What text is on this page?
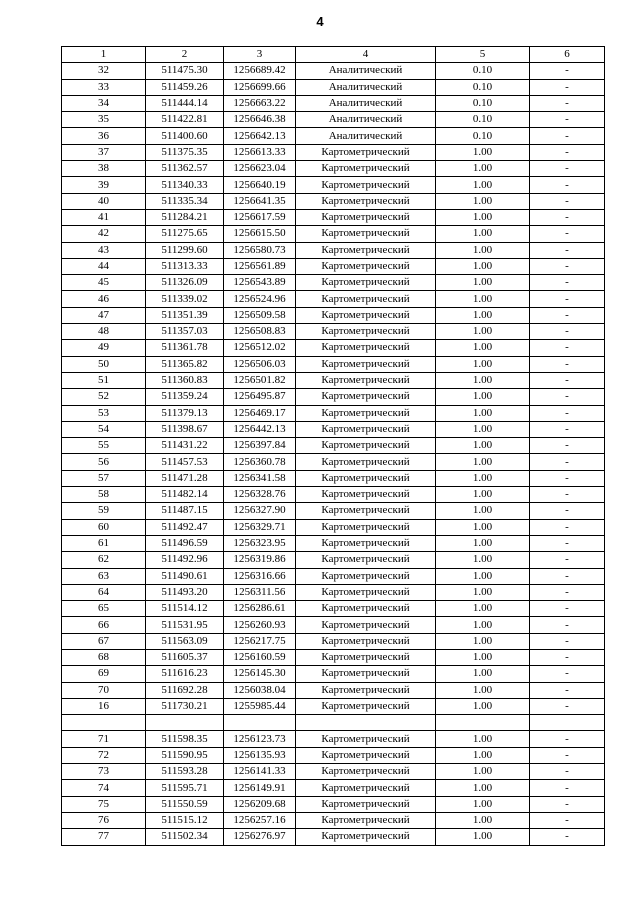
4
1	2	3	4	5	6
32	511475.30	1256689.42	Аналитический	0.10	-
33	511459.26	1256699.66	Аналитический	0.10	-
34	511444.14	1256663.22	Аналитический	0.10	-
35	511422.81	1256646.38	Аналитический	0.10	-
36	511400.60	1256642.13	Аналитический	0.10	-
37	511375.35	1256613.33	Картометрический	1.00	-
38	511362.57	1256623.04	Картометрический	1.00	-
39	511340.33	1256640.19	Картометрический	1.00	-
40	511335.34	1256641.35	Картометрический	1.00	-
41	511284.21	1256617.59	Картометрический	1.00	-
42	511275.65	1256615.50	Картометрический	1.00	-
43	511299.60	1256580.73	Картометрический	1.00	-
44	511313.33	1256561.89	Картометрический	1.00	-
45	511326.09	1256543.89	Картометрический	1.00	-
46	511339.02	1256524.96	Картометрический	1.00	-
47	511351.39	1256509.58	Картометрический	1.00	-
48	511357.03	1256508.83	Картометрический	1.00	-
49	511361.78	1256512.02	Картометрический	1.00	-
50	511365.82	1256506.03	Картометрический	1.00	-
51	511360.83	1256501.82	Картометрический	1.00	-
52	511359.24	1256495.87	Картометрический	1.00	-
53	511379.13	1256469.17	Картометрический	1.00	-
54	511398.67	1256442.13	Картометрический	1.00	-
55	511431.22	1256397.84	Картометрический	1.00	-
56	511457.53	1256360.78	Картометрический	1.00	-
57	511471.28	1256341.58	Картометрический	1.00	-
58	511482.14	1256328.76	Картометрический	1.00	-
59	511487.15	1256327.90	Картометрический	1.00	-
60	511492.47	1256329.71	Картометрический	1.00	-
61	511496.59	1256323.95	Картометрический	1.00	-
62	511492.96	1256319.86	Картометрический	1.00	-
63	511490.61	1256316.66	Картометрический	1.00	-
64	511493.20	1256311.56	Картометрический	1.00	-
65	511514.12	1256286.61	Картометрический	1.00	-
66	511531.95	1256260.93	Картометрический	1.00	-
67	511563.09	1256217.75	Картометрический	1.00	-
68	511605.37	1256160.59	Картометрический	1.00	-
69	511616.23	1256145.30	Картометрический	1.00	-
70	511692.28	1256038.04	Картометрический	1.00	-
16	511730.21	1255985.44	Картометрический	1.00	-

71	511598.35	1256123.73	Картометрический	1.00	-
72	511590.95	1256135.93	Картометрический	1.00	-
73	511593.28	1256141.33	Картометрический	1.00	-
74	511595.71	1256149.91	Картометрический	1.00	-
75	511550.59	1256209.68	Картометрический	1.00	-
76	511515.12	1256257.16	Картометрический	1.00	-
77	511502.34	1256276.97	Картометрический	1.00	-
